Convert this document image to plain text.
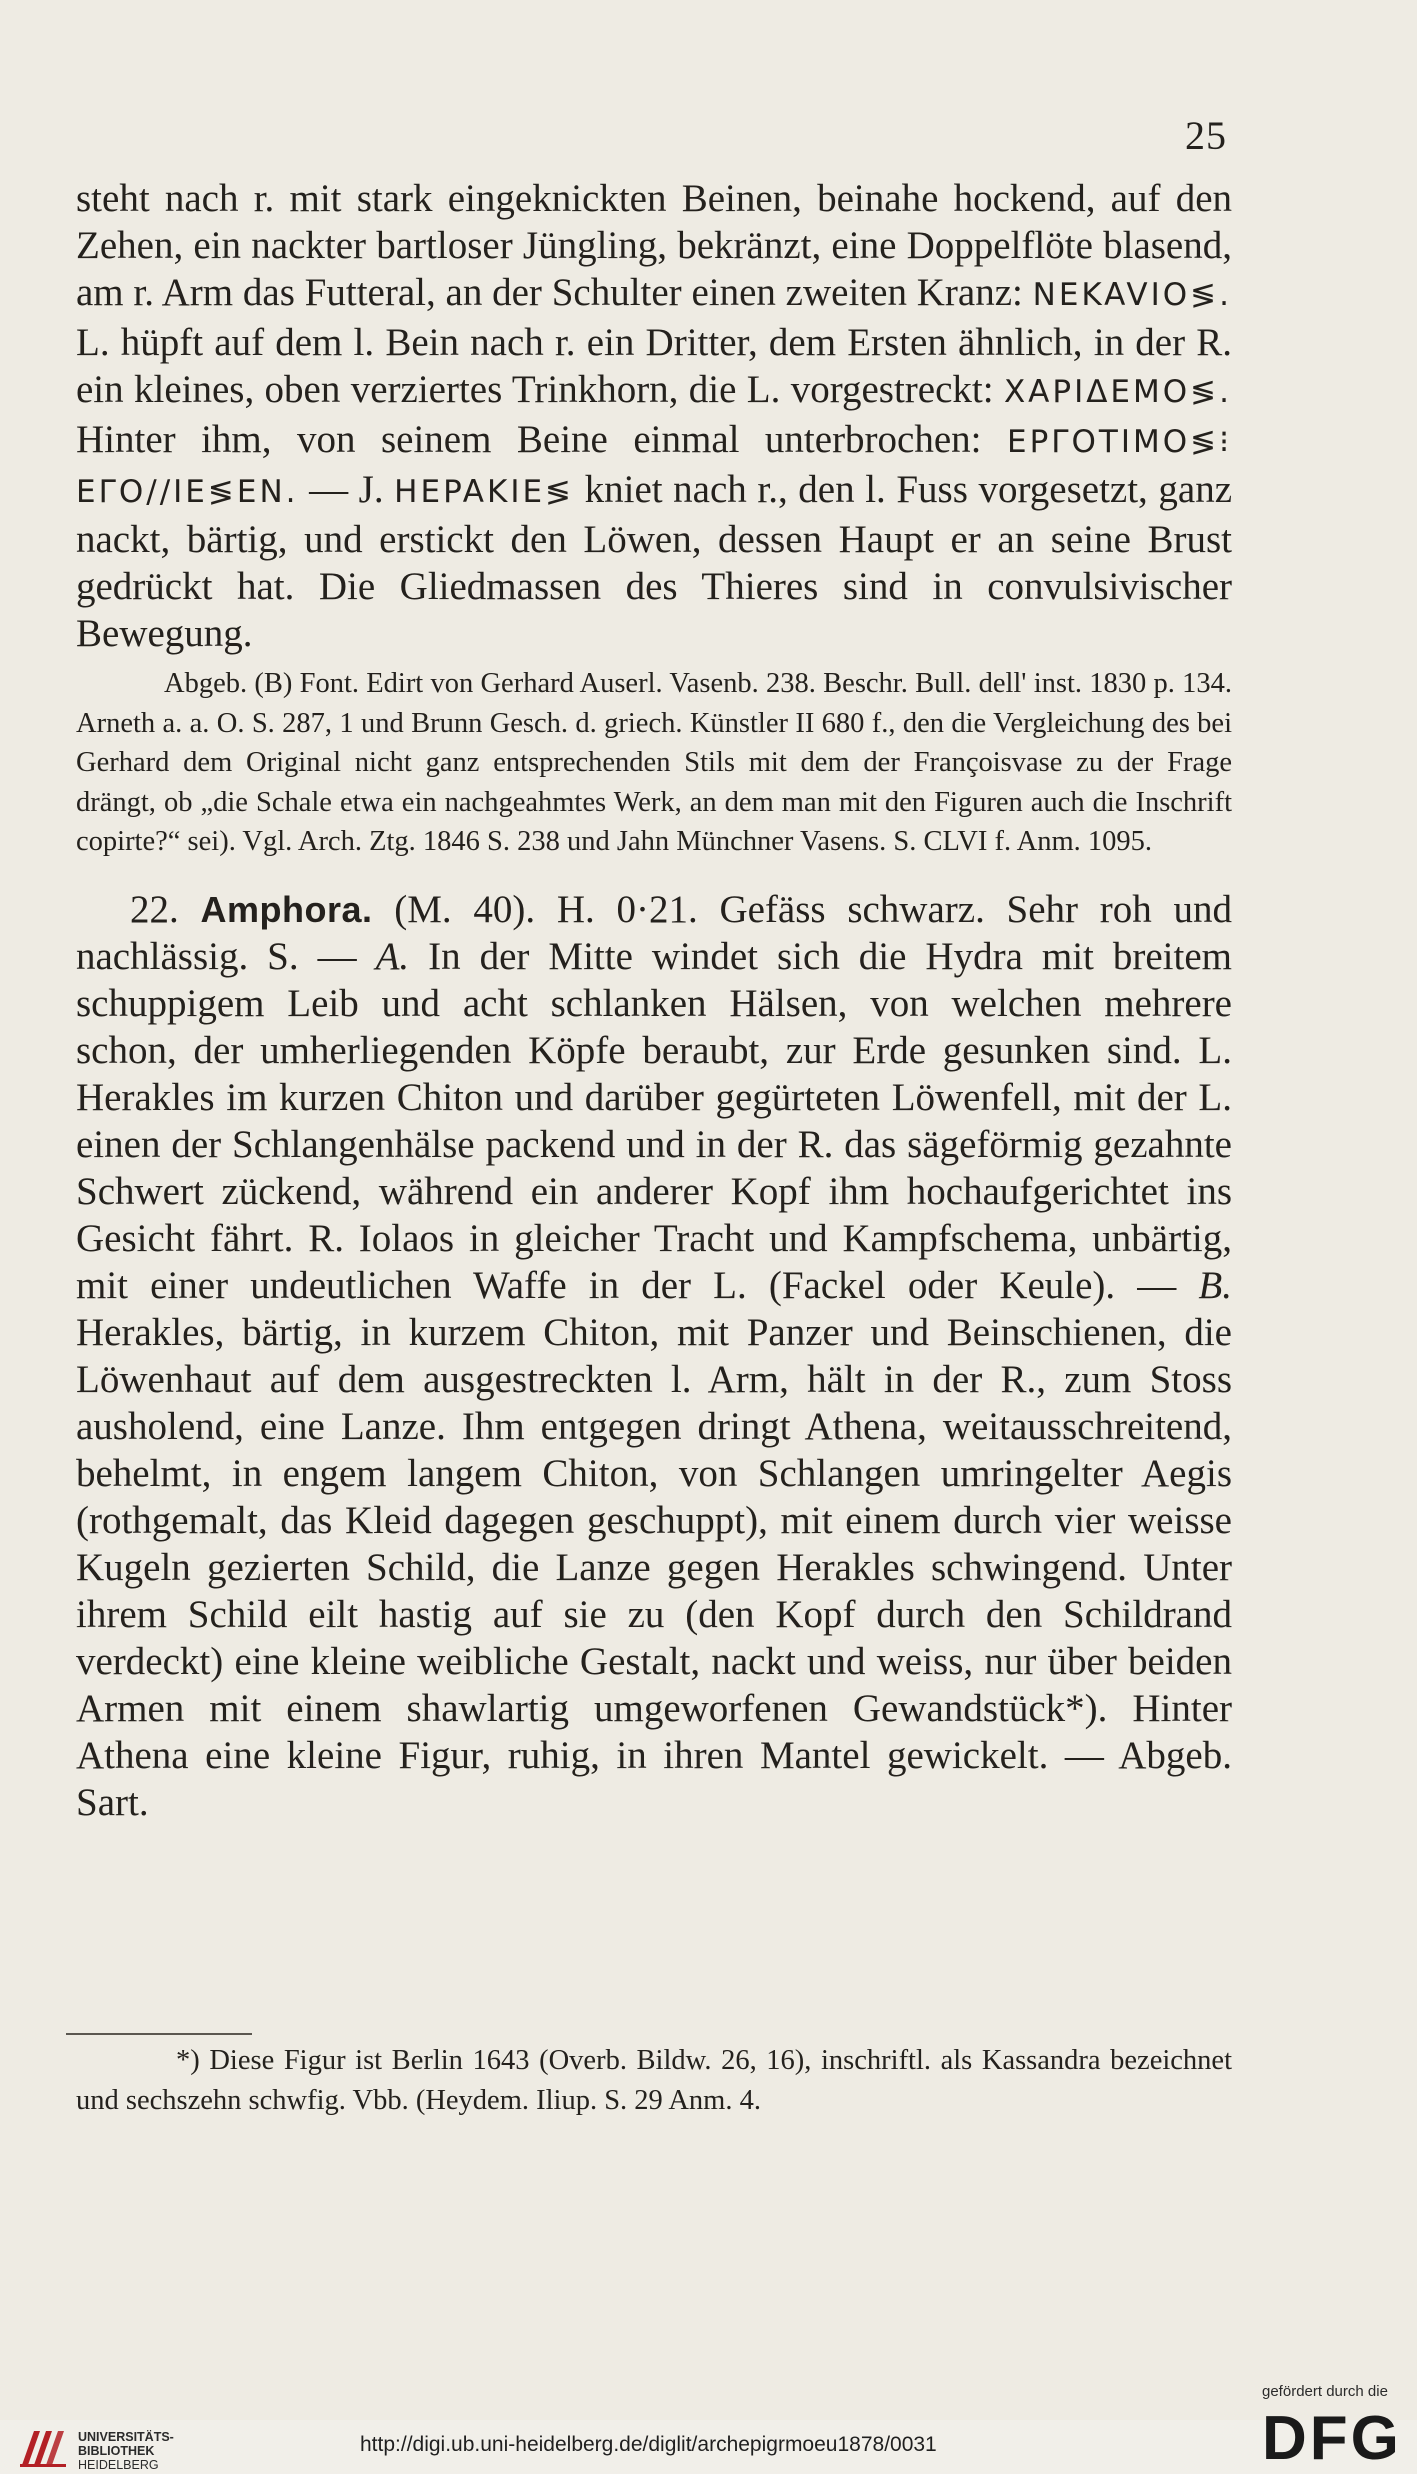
25

steht nach r. mit stark eingeknickten Beinen, beinahe hockend, auf den Zehen, ein nackter bartloser Jüngling, bekränzt, eine Doppelflöte blasend, am r. Arm das Futteral, an der Schulter einen zweiten Kranz: NEKAVΙΟ≶. L. hüpft auf dem l. Bein nach r. ein Dritter, dem Ersten ähnlich, in der R. ein kleines, oben verziertes Trinkhorn, die L. vorgestreckt: XAPIΔEMO≶. Hinter ihm, von seinem Beine einmal unterbrochen: EPΓOTIMO≶⁝EΓO//IE≶EN. — J. HEPAKΙE≶ kniet nach r., den l. Fuss vorgesetzt, ganz nackt, bärtig, und erstickt den Löwen, dessen Haupt er an seine Brust gedrückt hat. Die Gliedmassen des Thieres sind in convulsivischer Bewegung.

Abgeb. (B) Font. Edirt von Gerhard Auserl. Vasenb. 238. Beschr. Bull. dell' inst. 1830 p. 134. Arneth a. a. O. S. 287, 1 und Brunn Gesch. d. griech. Künstler II 680 f., den die Vergleichung des bei Gerhard dem Original nicht ganz entsprechenden Stils mit dem der Françoisvase zu der Frage drängt, ob „die Schale etwa ein nachgeahmtes Werk, an dem man mit den Figuren auch die Inschrift copirte?“ sei). Vgl. Arch. Ztg. 1846 S. 238 und Jahn Münchner Vasens. S. CLVI f. Anm. 1095.

22. Amphora. (M. 40). H. 0·21. Gefäss schwarz. Sehr roh und nachlässig. S. — A. In der Mitte windet sich die Hydra mit breitem schuppigem Leib und acht schlanken Hälsen, von welchen mehrere schon, der umherliegenden Köpfe beraubt, zur Erde gesunken sind. L. Herakles im kurzen Chiton und darüber gegürteten Löwenfell, mit der L. einen der Schlangenhälse packend und in der R. das sägeförmig gezahnte Schwert zückend, während ein anderer Kopf ihm hochaufgerichtet ins Gesicht fährt. R. Iolaos in gleicher Tracht und Kampfschema, unbärtig, mit einer undeutlichen Waffe in der L. (Fackel oder Keule). — B. Herakles, bärtig, in kurzem Chiton, mit Panzer und Beinschienen, die Löwenhaut auf dem ausgestreckten l. Arm, hält in der R., zum Stoss ausholend, eine Lanze. Ihm entgegen dringt Athena, weitausschreitend, behelmt, in engem langem Chiton, von Schlangen umringelter Aegis (rothgemalt, das Kleid dagegen geschuppt), mit einem durch vier weisse Kugeln gezierten Schild, die Lanze gegen Herakles schwingend. Unter ihrem Schild eilt hastig auf sie zu (den Kopf durch den Schildrand verdeckt) eine kleine weibliche Gestalt, nackt und weiss, nur über beiden Armen mit einem shawlartig umgeworfenen Gewandstück*). Hinter Athena eine kleine Figur, ruhig, in ihren Mantel gewickelt. — Abgeb. Sart.

*) Diese Figur ist Berlin 1643 (Overb. Bildw. 26, 16), inschriftl. als Kassandra bezeichnet und sechszehn schwfig. Vbb. (Heydem. Iliup. S. 29 Anm. 4.

UNIVERSITÄTS-
BIBLIOTHEK
HEIDELBERG
http://digi.ub.uni-heidelberg.de/diglit/archepigrmoeu1878/0031
gefördert durch die
DFG
